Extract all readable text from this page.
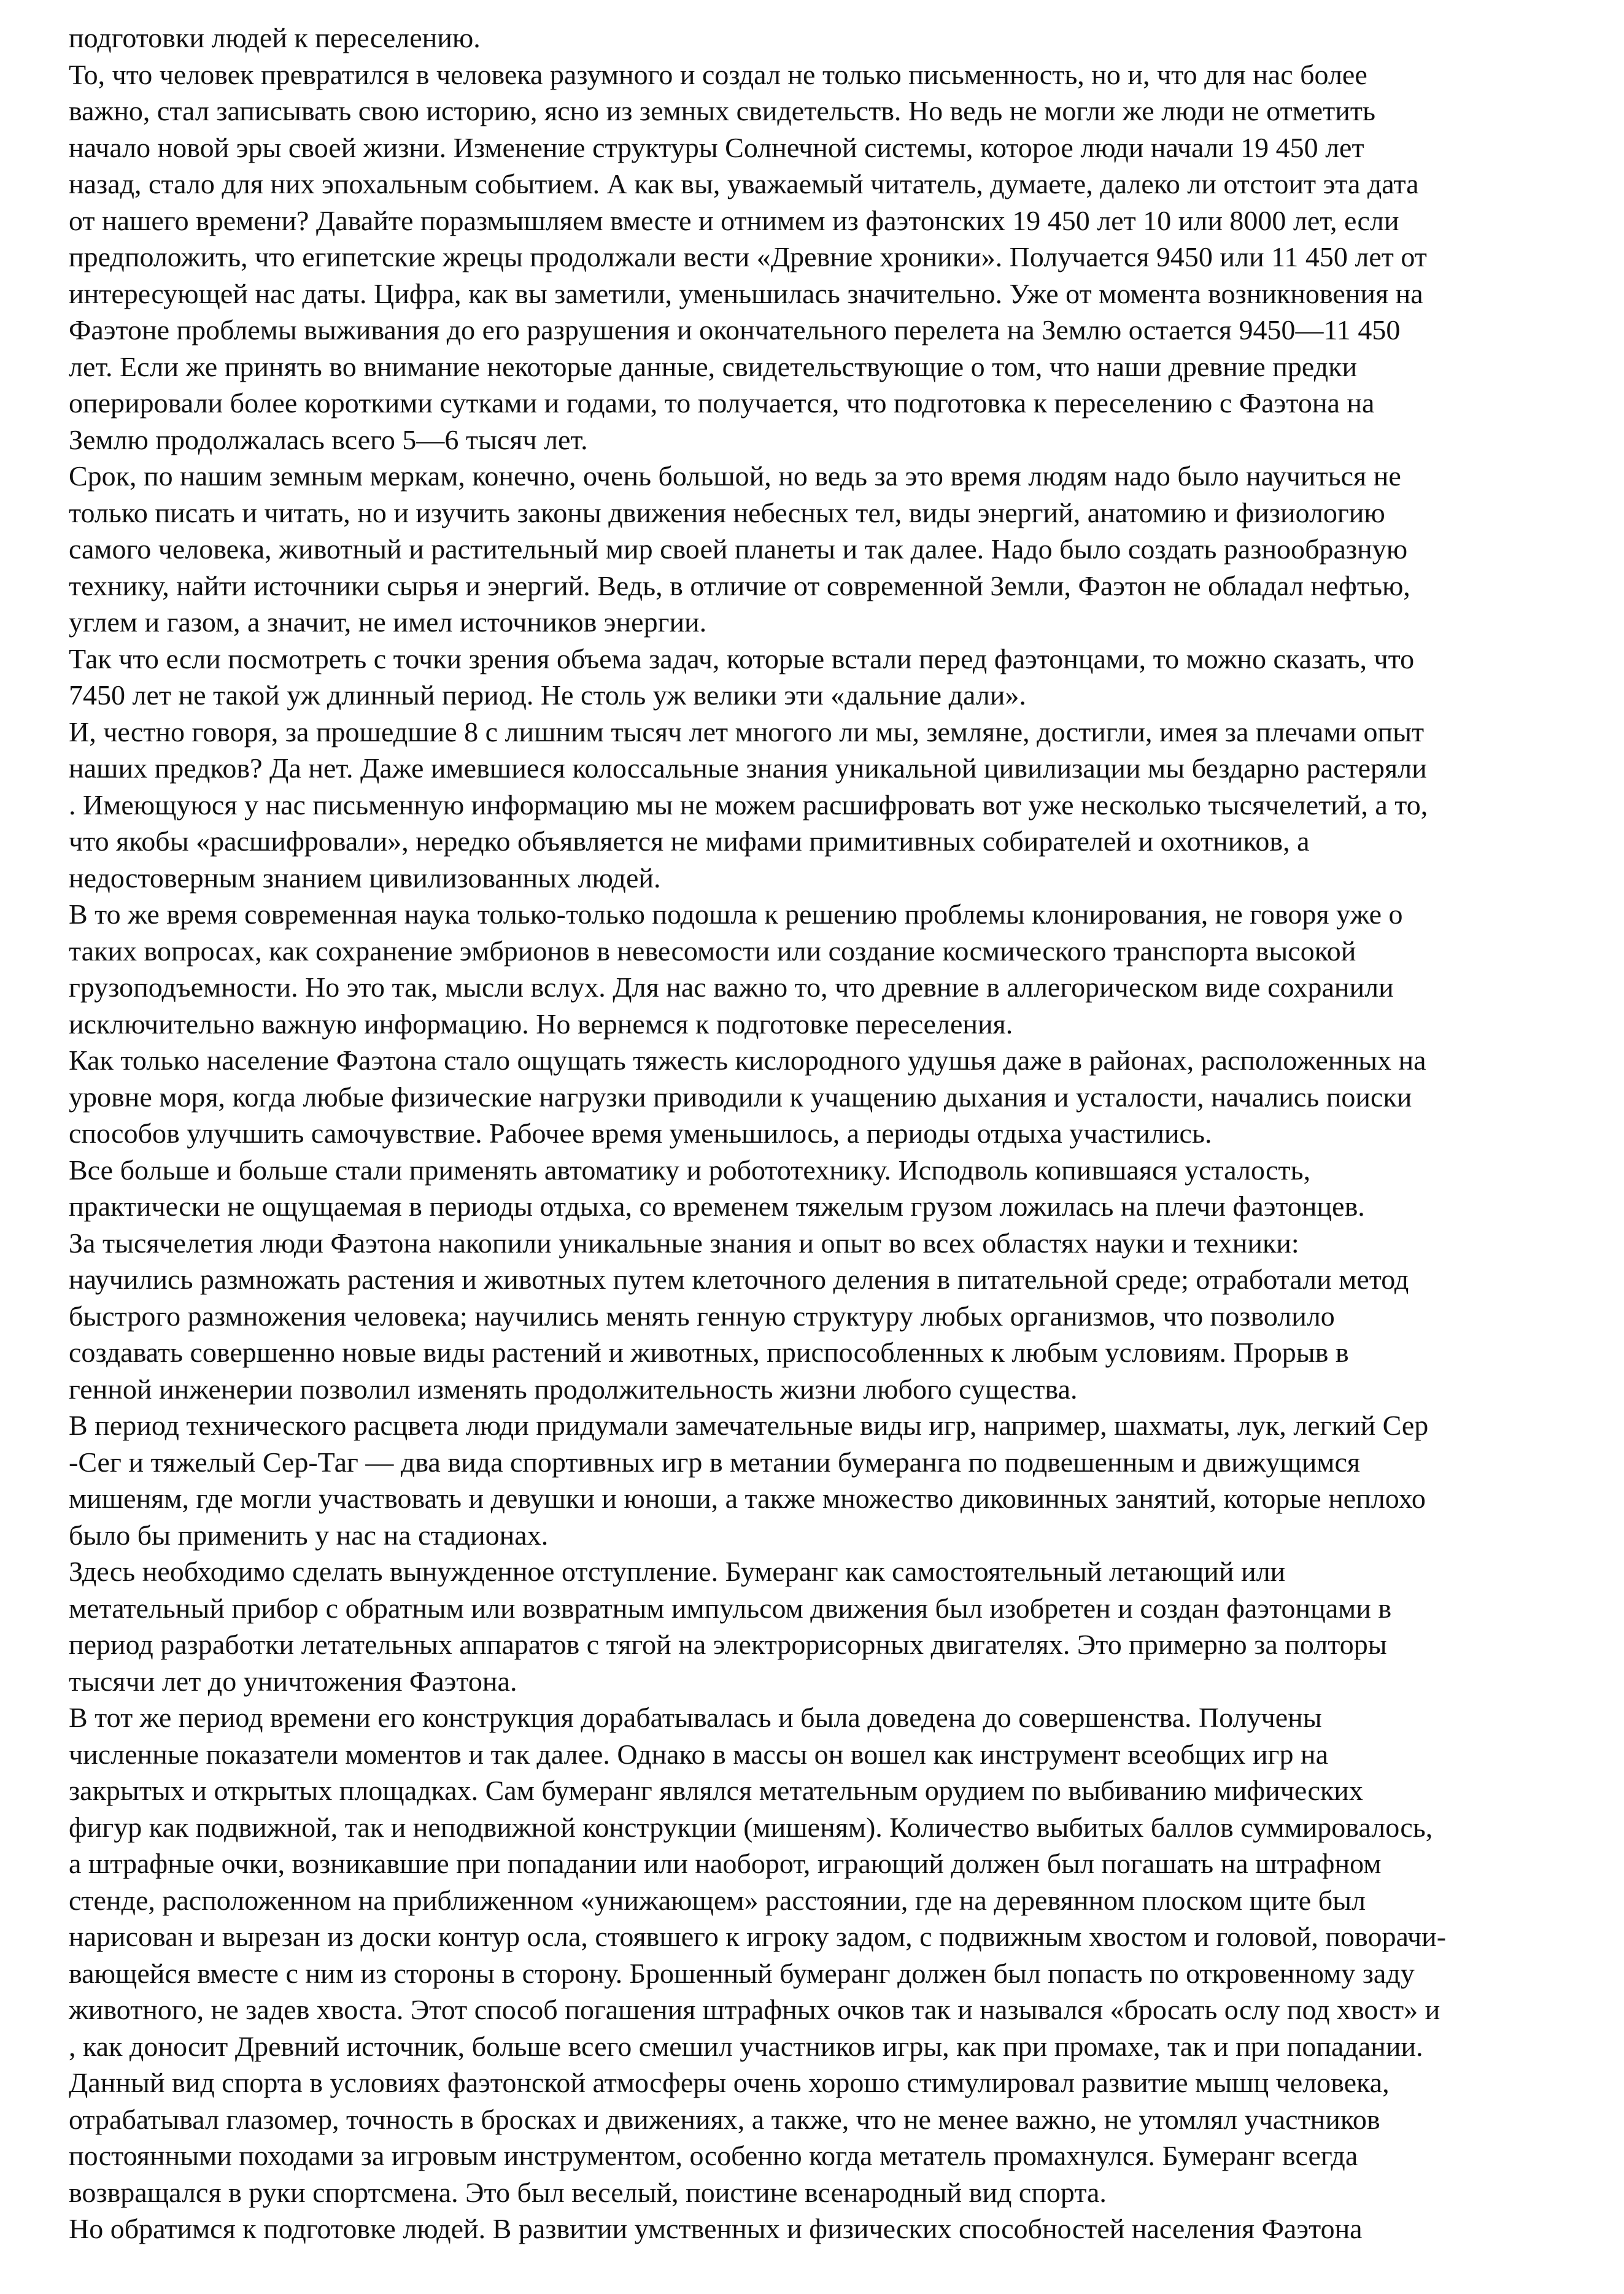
подготовки людей к переселению.
То, что человек превратился в человека разумного и создал не только письменность, но и, что для нас более
важно, стал записывать свою историю, ясно из земных свидетельств. Но ведь не могли же люди не отметить
начало новой эры своей жизни. Изменение структуры Солнечной системы, которое люди начали 19 450 лет
назад, стало для них эпохальным событием. А как вы, уважаемый читатель, думаете, далеко ли отстоит эта дата
от нашего времени? Давайте поразмышляем вместе и отнимем из фаэтонских 19 450 лет 10 или 8000 лет, если
предположить, что египетские жрецы продолжали вести «Древние хроники». Получается 9450 или 11 450 лет от
интересующей нас даты. Цифра, как вы заметили, уменьшилась значительно. Уже от момента возникновения на
Фаэтоне проблемы выживания до его разрушения и окончательного перелета на Землю остается 9450—11 450
лет. Если же принять во внимание некоторые данные, свидетельствующие о том, что наши древние предки
оперировали более короткими сутками и годами, то получается, что подготовка к переселению с Фаэтона на
Землю продолжалась всего 5—6 тысяч лет.
Срок, по нашим земным меркам, конечно, очень большой, но ведь за это время людям надо было научиться не
только писать и читать, но и изучить законы движения небесных тел, виды энергий, анатомию и физиологию
самого человека, животный и растительный мир своей планеты и так далее. Надо было создать разнообразную
технику, найти источники сырья и энергий. Ведь, в отличие от современной Земли, Фаэтон не обладал нефтью,
углем и газом, а значит, не имел источников энергии.
Так что если посмотреть с точки зрения объема задач, которые встали перед фаэтонцами, то можно сказать, что
7450 лет не такой уж длинный период. Не столь уж велики эти «дальние дали».
И, честно говоря, за прошедшие 8 с лишним тысяч лет многого ли мы, земляне, достигли, имея за плечами опыт
наших предков? Да нет. Даже имевшиеся колоссальные знания уникальной цивилизации мы бездарно растеряли
. Имеющуюся у нас письменную информацию мы не можем расшифровать вот уже несколько тысячелетий, а то,
что якобы «расшифровали», нередко объявляется не мифами примитивных собирателей и охотников, а
недостоверным знанием цивилизованных людей.
В то же время современная наука только-только подошла к решению проблемы клонирования, не говоря уже о
таких вопросах, как сохранение эмбрионов в невесомости или создание космического транспорта высокой
грузоподъемности. Но это так, мысли вслух. Для нас важно то, что древние в аллегорическом виде сохранили
исключительно важную информацию. Но вернемся к подготовке переселения.
Как только население Фаэтона стало ощущать тяжесть кислородного удушья даже в районах, расположенных на
уровне моря, когда любые физические нагрузки приводили к учащению дыхания и усталости, начались поиски
способов улучшить самочувствие. Рабочее время уменьшилось, а периоды отдыха участились.
Все больше и больше стали применять автоматику и робототехнику. Исподволь копившаяся усталость,
практически не ощущаемая в периоды отдыха, со временем тяжелым грузом ложилась на плечи фаэтонцев.
За тысячелетия люди Фаэтона накопили уникальные знания и опыт во всех областях науки и техники:
научились размножать растения и животных путем клеточного деления в питательной среде; отработали метод
быстрого размножения человека; научились менять генную структуру любых организмов, что позволило
создавать совершенно новые виды растений и животных, приспособленных к любым условиям. Прорыв в
генной инженерии позволил изменять продолжительность жизни любого существа.
В период технического расцвета люди придумали замечательные виды игр, например, шахматы, лук, легкий Сер
-Сег и тяжелый Сер-Таг — два вида спортивных игр в метании бумеранга по подвешенным и движущимся
мишеням, где могли участвовать и девушки и юноши, а также множество диковинных занятий, которые неплохо
было бы применить у нас на стадионах.
Здесь необходимо сделать вынужденное отступление. Бумеранг как самостоятельный летающий или
метательный прибор с обратным или возвратным импульсом движения был изобретен и создан фаэтонцами в
период разработки летательных аппаратов с тягой на электрорисорных двигателях. Это примерно за полторы
тысячи лет до уничтожения Фаэтона.
В тот же период времени его конструкция дорабатывалась и была доведена до совершенства. Получены
численные показатели моментов и так далее. Однако в массы он вошел как инструмент всеобщих игр на
закрытых и открытых площадках. Сам бумеранг являлся метательным орудием по выбиванию мифических
фигур как подвижной, так и неподвижной конструкции (мишеням). Количество выбитых баллов суммировалось,
а штрафные очки, возникавшие при попадании или наоборот, играющий должен был погашать на штрафном
стенде, расположенном на приближенном «унижающем» расстоянии, где на деревянном плоском щите был
нарисован и вырезан из доски контур осла, стоявшего к игроку задом, с подвижным хвостом и головой, поворачи-
вающейся вместе с ним из стороны в сторону. Брошенный бумеранг должен был попасть по откровенному заду
животного, не задев хвоста. Этот способ погашения штрафных очков так и назывался «бросать ослу под хвост» и
, как доносит Древний источник, больше всего смешил участников игры, как при промахе, так и при попадании.
Данный вид спорта в условиях фаэтонской атмосферы очень хорошо стимулировал развитие мышц человека,
отрабатывал глазомер, точность в бросках и движениях, а также, что не менее важно, не утомлял участников
постоянными походами за игровым инструментом, особенно когда метатель промахнулся. Бумеранг всегда
возвращался в руки спортсмена. Это был веселый, поистине всенародный вид спорта.
Но обратимся к подготовке людей. В развитии умственных и физических способностей населения Фаэтона
